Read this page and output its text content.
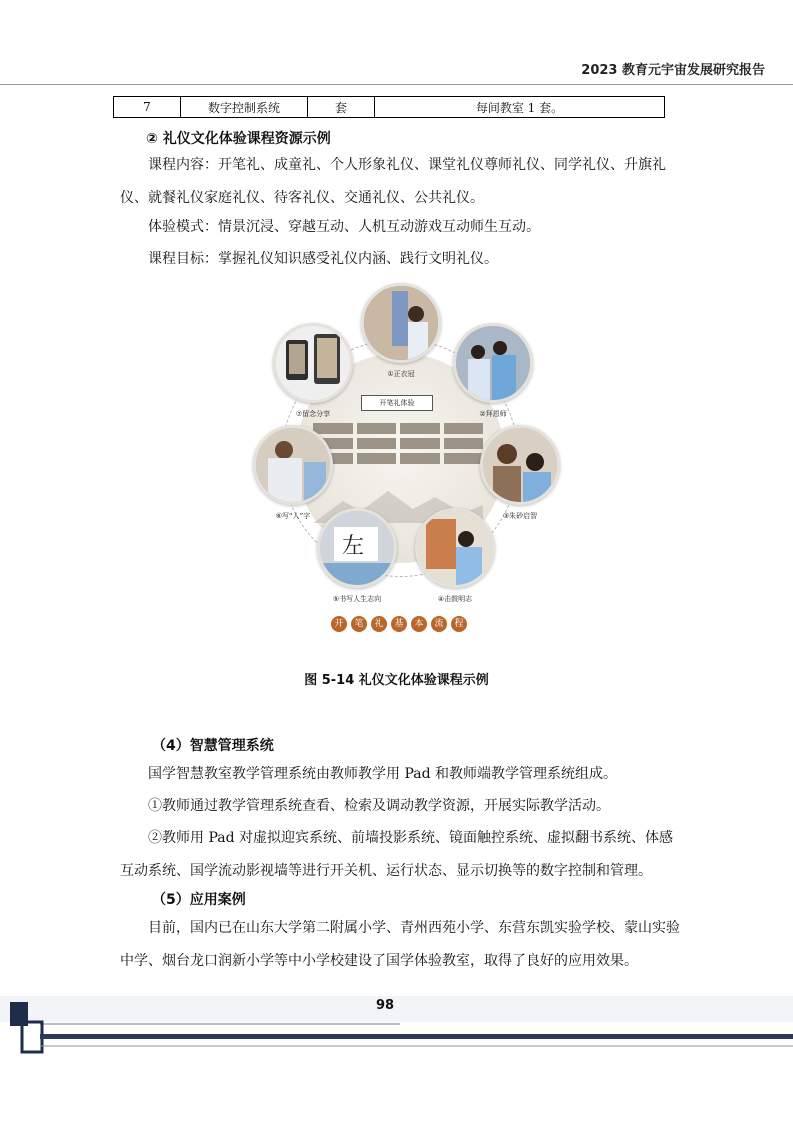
2023 教育元宇宙发展研究报告
7	数字控制系统	套	每间教室 1 套。
② 礼仪文化体验课程资源示例

课程内容：开笔礼、成童礼、个人形象礼仪、课堂礼仪尊师礼仪、同学礼仪、升旗礼仪、就餐礼仪家庭礼仪、待客礼仪、交通礼仪、公共礼仪。

体验模式：情景沉浸、穿越互动、人机互动游戏互动师生互动。

课程目标：掌握礼仪知识感受礼仪内涵、践行文明礼仪。

开笔礼体验
①正衣冠
②拜恩师
③朱砂启智
④击鼓明志
左
⑤书写人生志向
⑥写“人”字
⑦留念分享
开	笔	礼	基	本	流	程
图 5-14 礼仪文化体验课程示例
（4）智慧管理系统

国学智慧教室教学管理系统由教师教学用 Pad 和教师端教学管理系统组成。

①教师通过教学管理系统查看、检索及调动教学资源，开展实际教学活动。

②教师用 Pad 对虚拟迎宾系统、前墙投影系统、镜面触控系统、虚拟翻书系统、体感互动系统、国学流动影视墙等进行开关机、运行状态、显示切换等的数字控制和管理。

（5）应用案例

目前，国内已在山东大学第二附属小学、青州西苑小学、东营东凯实验学校、蒙山实验中学、烟台龙口润新小学等中小学校建设了国学体验教室，取得了良好的应用效果。

98
